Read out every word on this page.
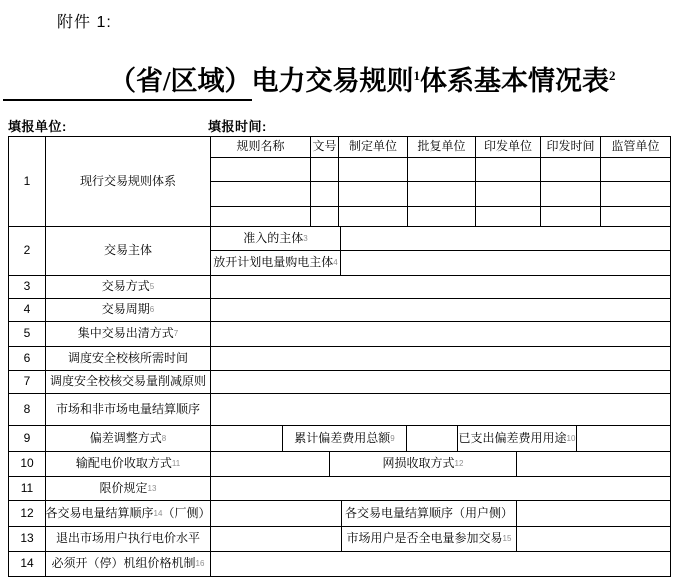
附件 1:
（省/区域）电力交易规则$^1$体系基本情况表$^2$
填报单位:	填报时间:
1	现行交易规则体系
规则名称	文号	制定单位	批复单位	印发单位	印发时间	监管单位
2	交易主体
准入的主体 3
放开计划电量购电主体 4
3	交易方式 5
4	交易周期 6
5	集中交易出清方式 7
6	调度安全校核所需时间
7	调度安全校核交易量削减原则
8	市场和非市场电量结算顺序
9	偏差调整方式 8	累计偏差费用总额 9	已支出偏差费用用途 10
10	输配电价收取方式 11	网损收取方式 12
11	限价规定 13
12 各交易电量结算顺序 14 （厂侧）	各交易电量结算顺序（用户侧）
13	退出市场用户执行电价水平	市场用户是否全电量参加交易 15
14	必须开（停）机组价格机制 16
